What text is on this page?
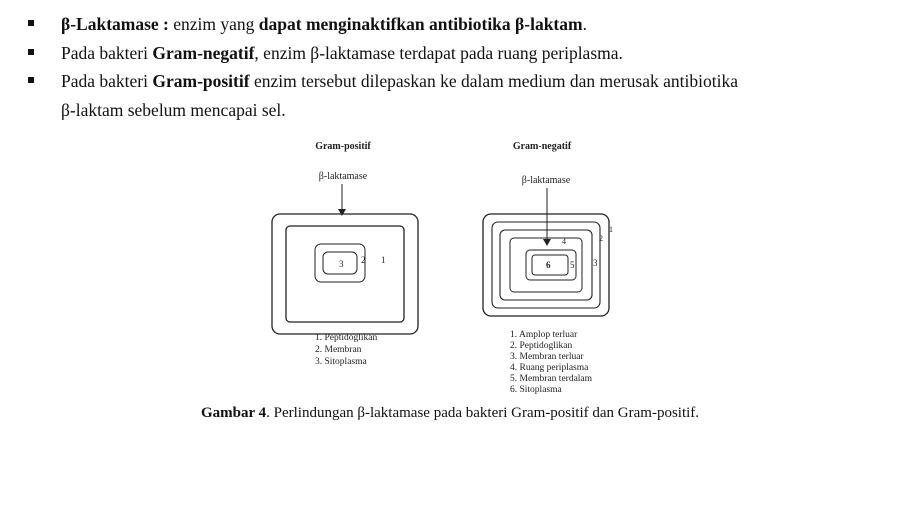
β-Laktamase : enzim yang dapat menginaktifkan antibiotika β-laktam.
Pada bakteri Gram-negatif, enzim β-laktamase terdapat pada ruang periplasma.
Pada bakteri Gram-positif enzim tersebut dilepaskan ke dalam medium dan merusak antibiotika
β-laktam sebelum mencapai sel.
Gram-positif
β-laktamase
3 2 1
1. Peptidoglikan
2. Membran
3. Sitoplasma
Gram-negatif
β-laktamase
6 5
4
3
2
1
1. Amplop terluar
2. Peptidoglikan
3. Membran terluar
4. Ruang periplasma
5. Membran terdalam
6. Sitoplasma
Gambar 4. Perlindungan β-laktamase pada bakteri Gram-positif dan Gram-positif.
